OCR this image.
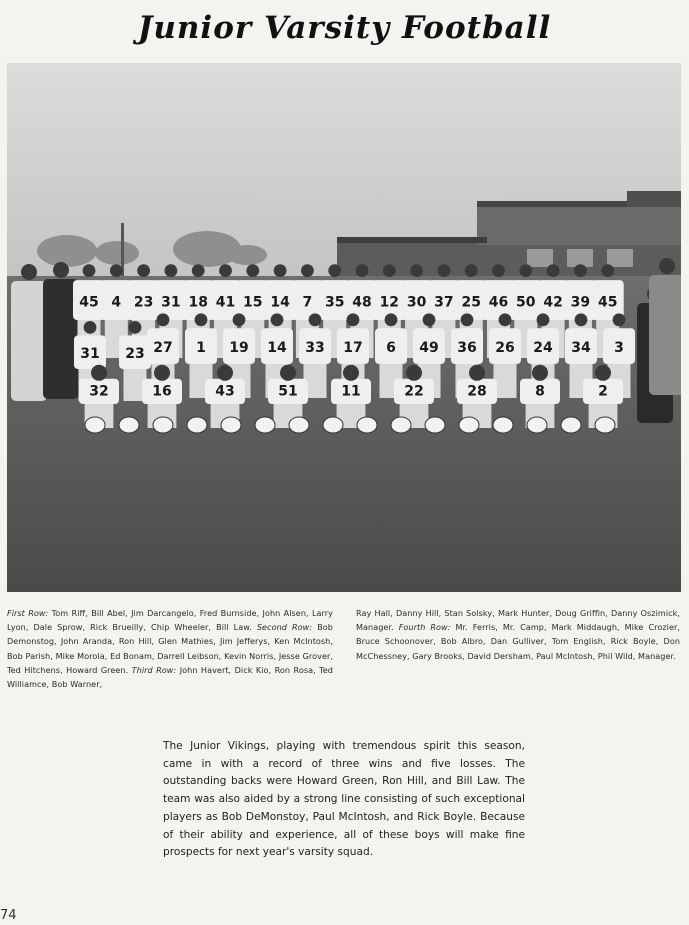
Junior Varsity Football
45 4 23 31 18 41 15 14 7 35 48 12 30 37 25 46 50 42 39 45
27 1 19 14 33 17 6 49 36 26 24 34 3
31 23
32	16	43	51	11	22	28	8	2
First Row: Tom Riff, Bill Abel, Jim Darcangelo, Fred Burnside, John Alsen, Larry Lyon, Dale Sprow, Rick Brueilly, Chip Wheeler, Bill Law. Second Row: Bob Demonstog, John Aranda, Ron Hill, Glen Mathies, Jim Jefferys, Ken McIntosh, Bob Parish, Mike Morola, Ed Bonam, Darrell Leibson, Kevin Norris, Jesse Grover, Ted Hitchens, Howard Green. Third Row: John Havert, Dick Kio, Ron Rosa, Ted Williamce, Bob Warner,
Ray Hall, Danny Hill, Stan Solsky, Mark Hunter, Doug Griffin, Danny Oszimick, Manager. Fourth Row: Mr. Ferris, Mr. Camp, Mark Middaugh, Mike Crozier, Bruce Schoonover, Bob Albro, Dan Gulliver, Tom English, Rick Boyle, Don McChessney, Gary Brooks, David Dersham, Paul McIntosh, Phil Wild, Manager.
The Junior Vikings, playing with tremendous spirit this season, came in with a record of three wins and five losses. The outstanding backs were Howard Green, Ron Hill, and Bill Law. The team was also aided by a strong line consisting of such exceptional players as Bob DeMonstoy, Paul McIntosh, and Rick Boyle. Because of their ability and experience, all of these boys will make fine prospects for next year's varsity squad.
74
